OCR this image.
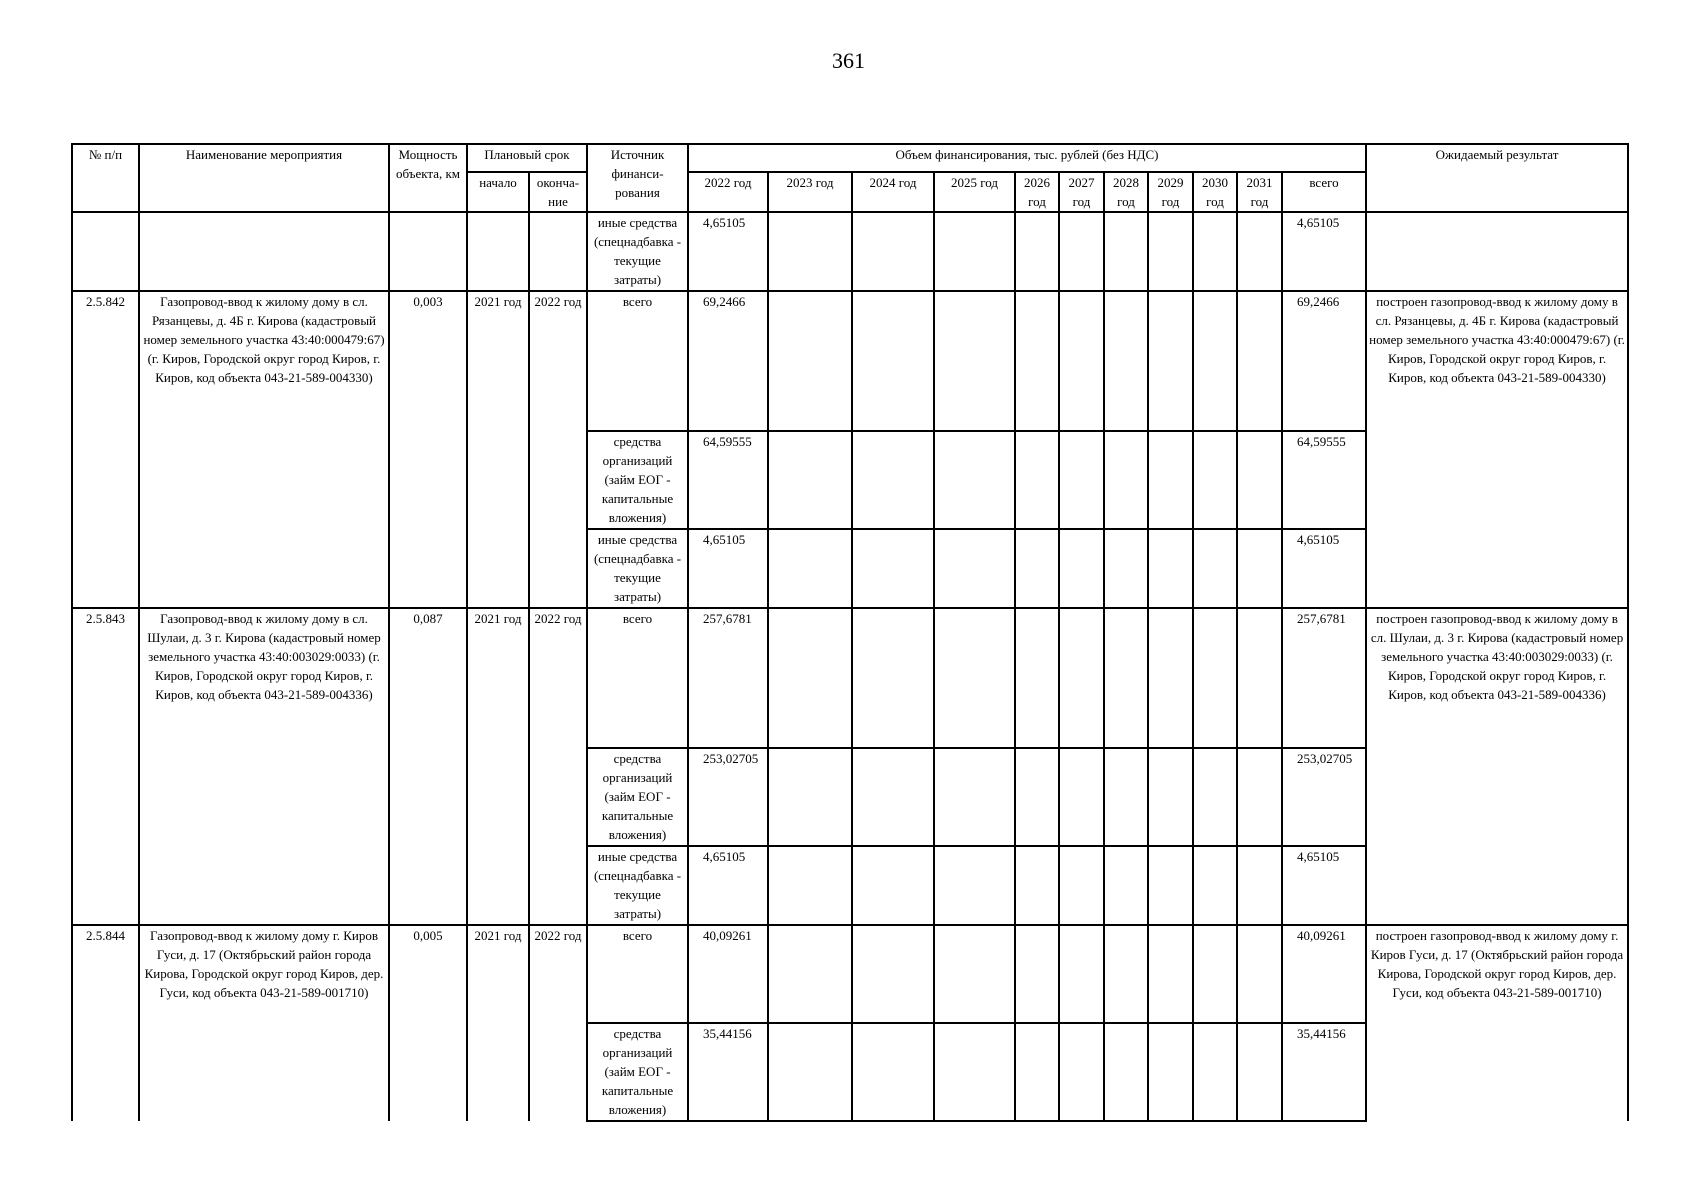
361
№ п/п	Наименование мероприятия	Мощность объекта, км	Плановый срок		Источник финанси-рования	Объем финансирования, тыс. рублей (без НДС)											Ожидаемый результат
			начало	оконча-ние		2022 год	2023 год	2024 год	2025 год	2026 год	2027 год	2028 год	2029 год	2030 год	2031 год	всего	
					иные средства (спецнадбавка - текущие затраты)	4,65105										4,65105	
2.5.842	Газопровод-ввод к жилому дому в сл. Рязанцевы, д. 4Б г. Кирова (кадастровый номер земельного участка 43:40:000479:67) (г. Киров, Городской округ город Киров, г. Киров, код объекта 043-21-589-004330)	0,003	2021 год	2022 год	всего	69,2466										69,2466	построен газопровод-ввод к жилому дому в сл. Рязанцевы, д. 4Б г. Кирова (кадастровый номер земельного участка 43:40:000479:67) (г. Киров, Городской округ город Киров, г. Киров, код объекта 043-21-589-004330)
					средства организаций (займ ЕОГ - капитальные вложения)	64,59555										64,59555	
					иные средства (спецнадбавка - текущие затраты)	4,65105										4,65105	
2.5.843	Газопровод-ввод к жилому дому в сл. Шулаи, д. 3 г. Кирова (кадастровый номер земельного участка 43:40:003029:0033) (г. Киров, Городской округ город Киров, г. Киров, код объекта 043-21-589-004336)	0,087	2021 год	2022 год	всего	257,6781										257,6781	построен газопровод-ввод к жилому дому в сл. Шулаи, д. 3 г. Кирова (кадастровый номер земельного участка 43:40:003029:0033) (г. Киров, Городской округ город Киров, г. Киров, код объекта 043-21-589-004336)
					средства организаций (займ ЕОГ - капитальные вложения)	253,02705										253,02705	
					иные средства (спецнадбавка - текущие затраты)	4,65105										4,65105	
2.5.844	Газопровод-ввод к жилому дому г. Киров Гуси, д. 17 (Октябрьский район города Кирова, Городской округ город Киров, дер. Гуси, код объекта 043-21-589-001710)	0,005	2021 год	2022 год	всего	40,09261										40,09261	построен газопровод-ввод к жилому дому г. Киров Гуси, д. 17 (Октябрьский район города Кирова, Городской округ город Киров, дер. Гуси, код объекта 043-21-589-001710)
					средства организаций (займ ЕОГ - капитальные вложения)	35,44156										35,44156	
